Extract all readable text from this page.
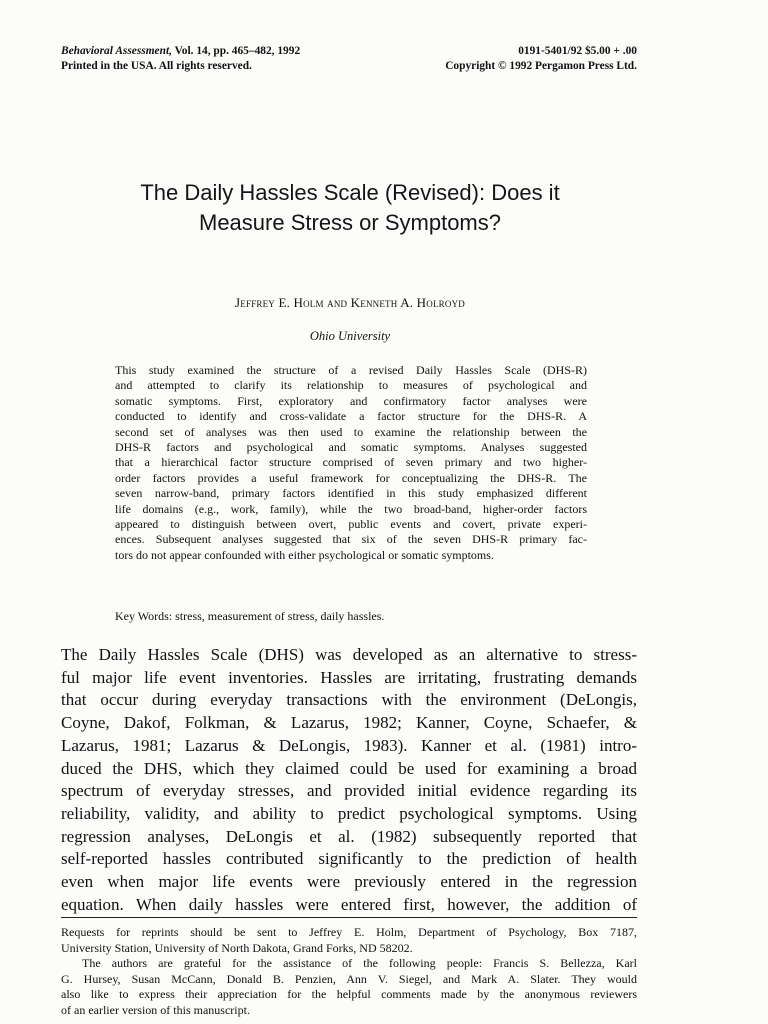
Behavioral Assessment, Vol. 14, pp. 465–482, 1992
Printed in the USA. All rights reserved.
0191-5401/92 $5.00 + .00
Copyright © 1992 Pergamon Press Ltd.
The Daily Hassles Scale (Revised): Does it
Measure Stress or Symptoms?
Jeffrey E. Holm and Kenneth A. Holroyd
Ohio University
This study examined the structure of a revised Daily Hassles Scale (DHS-R)
and attempted to clarify its relationship to measures of psychological and
somatic symptoms. First, exploratory and confirmatory factor analyses were
conducted to identify and cross-validate a factor structure for the DHS-R. A
second set of analyses was then used to examine the relationship between the
DHS-R factors and psychological and somatic symptoms. Analyses suggested
that a hierarchical factor structure comprised of seven primary and two higher-
order factors provides a useful framework for conceptualizing the DHS-R. The
seven narrow-band, primary factors identified in this study emphasized different
life domains (e.g., work, family), while the two broad-band, higher-order factors
appeared to distinguish between overt, public events and covert, private experi-
ences. Subsequent analyses suggested that six of the seven DHS-R primary fac-
tors do not appear confounded with either psychological or somatic symptoms.
Key Words: stress, measurement of stress, daily hassles.
The Daily Hassles Scale (DHS) was developed as an alternative to stress-
ful major life event inventories. Hassles are irritating, frustrating demands
that occur during everyday transactions with the environment (DeLongis,
Coyne, Dakof, Folkman, & Lazarus, 1982; Kanner, Coyne, Schaefer, &
Lazarus, 1981; Lazarus & DeLongis, 1983). Kanner et al. (1981) intro-
duced the DHS, which they claimed could be used for examining a broad
spectrum of everyday stresses, and provided initial evidence regarding its
reliability, validity, and ability to predict psychological symptoms. Using
regression analyses, DeLongis et al. (1982) subsequently reported that
self-reported hassles contributed significantly to the prediction of health
even when major life events were previously entered in the regression
equation. When daily hassles were entered first, however, the addition of
Requests for reprints should be sent to Jeffrey E. Holm, Department of Psychology, Box 7187,
University Station, University of North Dakota, Grand Forks, ND 58202.
The authors are grateful for the assistance of the following people: Francis S. Bellezza, Karl
G. Hursey, Susan McCann, Donald B. Penzien, Ann V. Siegel, and Mark A. Slater. They would
also like to express their appreciation for the helpful comments made by the anonymous reviewers
of an earlier version of this manuscript.
